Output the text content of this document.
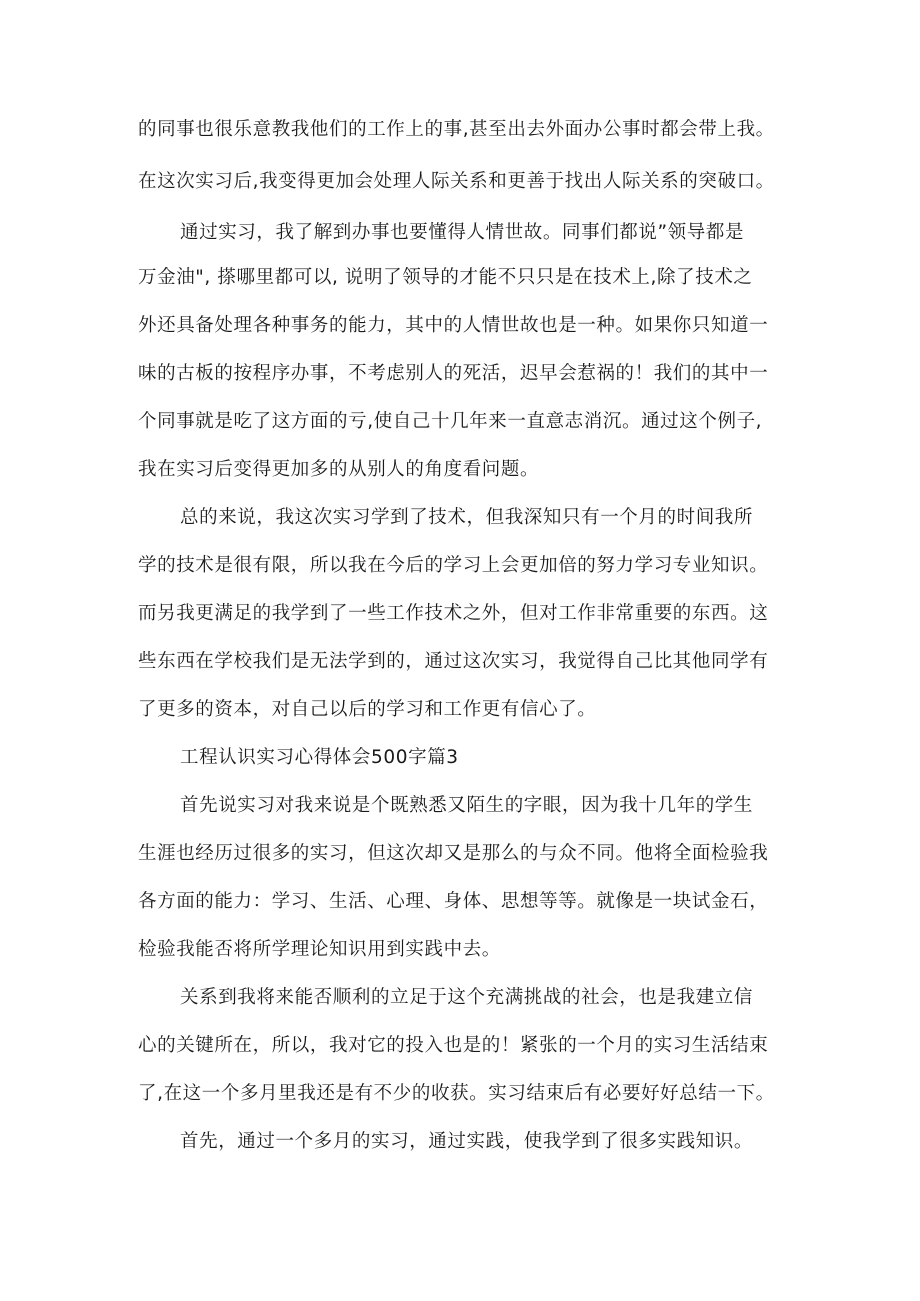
的同事也很乐意教我他们的工作上的事,甚至出去外面办公事时都会带上我。
在这次实习后,我变得更加会处理人际关系和更善于找出人际关系的突破口。
通过实习，我了解到办事也要懂得人情世故。同事们都说”领导都是
万金油", 搽哪里都可以, 说明了领导的才能不只只是在技术上,除了技术之
外还具备处理各种事务的能力，其中的人情世故也是一种。如果你只知道一
味的古板的按程序办事，不考虑别人的死活，迟早会惹祸的！我们的其中一
个同事就是吃了这方面的亏,使自己十几年来一直意志消沉。通过这个例子,
我在实习后变得更加多的从别人的角度看问题。
总的来说，我这次实习学到了技术，但我深知只有一个月的时间我所
学的技术是很有限，所以我在今后的学习上会更加倍的努力学习专业知识。
而另我更满足的我学到了一些工作技术之外，但对工作非常重要的东西。这
些东西在学校我们是无法学到的，通过这次实习，我觉得自己比其他同学有
了更多的资本，对自己以后的学习和工作更有信心了。
工程认识实习心得体会500字篇3
首先说实习对我来说是个既熟悉又陌生的字眼，因为我十几年的学生
生涯也经历过很多的实习，但这次却又是那么的与众不同。他将全面检验我
各方面的能力：学习、生活、心理、身体、思想等等。就像是一块试金石，
检验我能否将所学理论知识用到实践中去。
关系到我将来能否顺利的立足于这个充满挑战的社会，也是我建立信
心的关键所在，所以，我对它的投入也是的！紧张的一个月的实习生活结束
了,在这一个多月里我还是有不少的收获。实习结束后有必要好好总结一下。
首先，通过一个多月的实习，通过实践，使我学到了很多实践知识。
